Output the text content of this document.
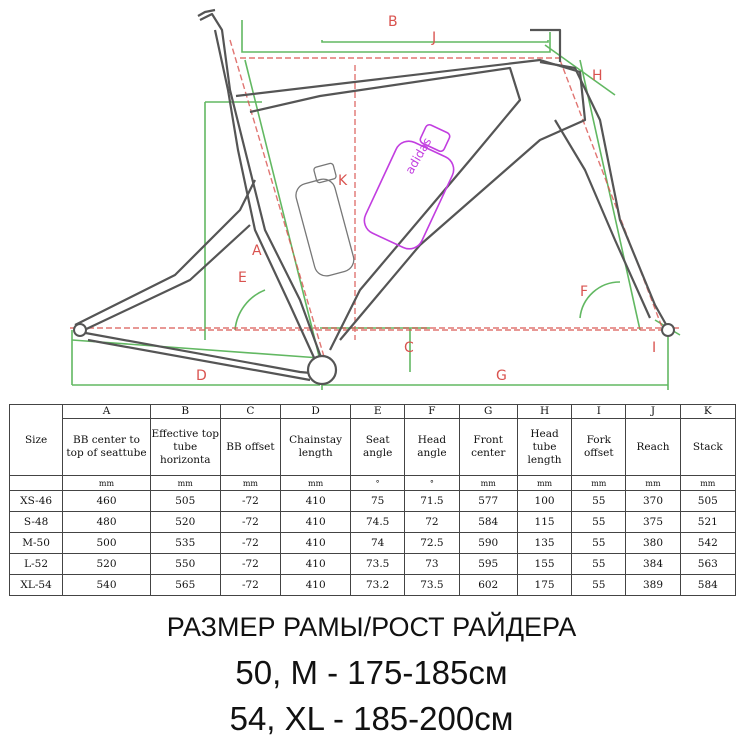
adidas
B
J
H
K
A
E
F
C	I
D	G
Size	A	B	C	D	E	F	G	H	I	J	K
	BB center to top of seattube	Effective top tube horizonta	BB offset	Chainstay length	Seat angle	Head angle	Front center	Head tube length	Fork offset	Reach	Stack
	mm	mm	mm	mm	°	°	mm	mm	mm	mm	mm
XS-46	460	505	-72	410	75	71.5	577	100	55	370	505
S-48	480	520	-72	410	74.5	72	584	115	55	375	521
M-50	500	535	-72	410	74	72.5	590	135	55	380	542
L-52	520	550	-72	410	73.5	73	595	155	55	384	563
XL-54	540	565	-72	410	73.2	73.5	602	175	55	389	584
РАЗМЕР РАМЫ/РОСТ РАЙДЕРА
50, M - 175-185см
54, XL - 185-200см
